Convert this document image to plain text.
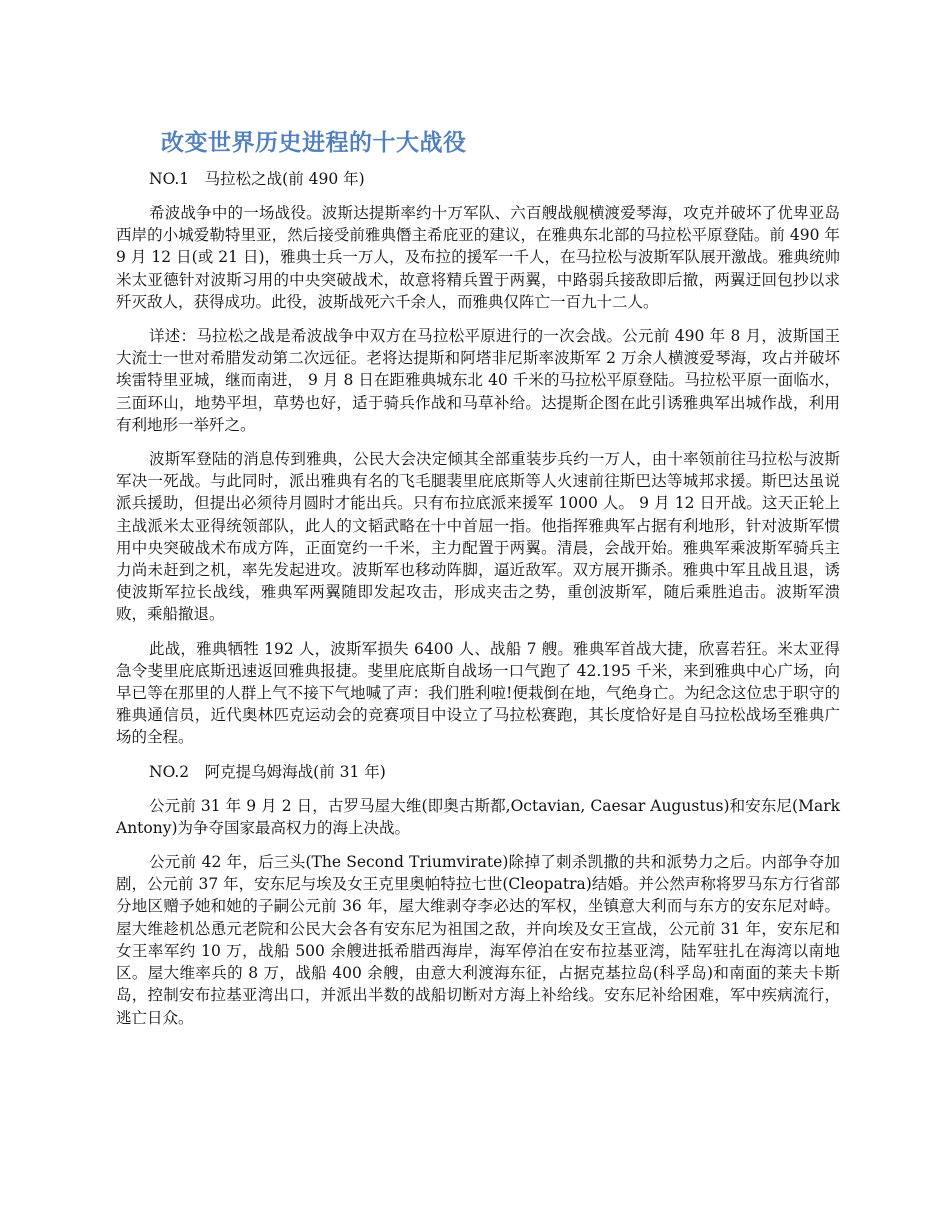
改变世界历史进程的十大战役
NO.1　马拉松之战(前 490 年)

希波战争中的一场战役。波斯达提斯率约十万军队、六百艘战舰横渡爱琴海，攻克并破坏了优卑亚岛西岸的小城爱勒特里亚，然后接受前雅典僭主希庇亚的建议，在雅典东北部的马拉松平原登陆。前 490 年 9 月 12 日(或 21 日)，雅典士兵一万人，及布拉的援军一千人，在马拉松与波斯军队展开激战。雅典统帅米太亚德针对波斯习用的中央突破战术，故意将精兵置于两翼，中路弱兵接敌即后撤，两翼迂回包抄以求歼灭敌人，获得成功。此役，波斯战死六千余人，而雅典仅阵亡一百九十二人。

详述：马拉松之战是希波战争中双方在马拉松平原进行的一次会战。公元前 490 年 8 月，波斯国王大流士一世对希腊发动第二次远征。老将达提斯和阿塔非尼斯率波斯军 2 万余人横渡爱琴海，攻占并破坏埃雷特里亚城，继而南进， 9 月 8 日在距雅典城东北 40 千米的马拉松平原登陆。马拉松平原一面临水，三面环山，地势平坦，草势也好，适于骑兵作战和马草补给。达提斯企图在此引诱雅典军出城作战，利用有利地形一举歼之。

波斯军登陆的消息传到雅典，公民大会决定倾其全部重装步兵约一万人，由十率领前往马拉松与波斯军决一死战。与此同时，派出雅典有名的飞毛腿裴里庇底斯等人火速前往斯巴达等城邦求援。斯巴达虽说派兵援助，但提出必须待月圆时才能出兵。只有布拉底派来援军 1000 人。 9 月 12 日开战。这天正轮上主战派米太亚得统领部队，此人的文韬武略在十中首屈一指。他指挥雅典军占据有利地形，针对波斯军惯用中央突破战术布成方阵，正面宽约一千米，主力配置于两翼。清晨，会战开始。雅典军乘波斯军骑兵主力尚未赶到之机，率先发起进攻。波斯军也移动阵脚，逼近敌军。双方展开撕杀。雅典中军且战且退，诱使波斯军拉长战线，雅典军两翼随即发起攻击，形成夹击之势，重创波斯军，随后乘胜追击。波斯军溃败，乘船撤退。

此战，雅典牺牲 192 人，波斯军损失 6400 人、战船 7 艘。雅典军首战大捷，欣喜若狂。米太亚得急令斐里庇底斯迅速返回雅典报捷。斐里庇底斯自战场一口气跑了 42.195 千米，来到雅典中心广场，向早已等在那里的人群上气不接下气地喊了声：我们胜利啦!便栽倒在地，气绝身亡。为纪念这位忠于职守的雅典通信员，近代奥林匹克运动会的竞赛项目中设立了马拉松赛跑，其长度恰好是自马拉松战场至雅典广场的全程。

NO.2　阿克提乌姆海战(前 31 年)

公元前 31 年 9 月 2 日，古罗马屋大维(即奥古斯都,Octavian, Caesar Augustus)和安东尼(Mark Antony)为争夺国家最高权力的海上决战。

公元前 42 年，后三头(The Second Triumvirate)除掉了刺杀凯撒的共和派势力之后。内部争夺加剧，公元前 37 年，安东尼与埃及女王克里奥帕特拉七世(Cleopatra)结婚。并公然声称将罗马东方行省部分地区赠予她和她的子嗣公元前 36 年，屋大维剥夺李必达的军权，坐镇意大利而与东方的安东尼对峙。屋大维趁机怂恿元老院和公民大会各有安东尼为祖国之敌，并向埃及女王宣战，公元前 31 年，安东尼和女王率军约 10 万，战船 500 余艘进抵希腊西海岸，海军停泊在安布拉基亚湾，陆军驻扎在海湾以南地区。屋大维率兵的 8 万，战船 400 余艘，由意大利渡海东征，占据克基拉岛(科孚岛)和南面的莱夫卡斯岛，控制安布拉基亚湾出口，并派出半数的战船切断对方海上补给线。安东尼补给困难，军中疾病流行，逃亡日众。
